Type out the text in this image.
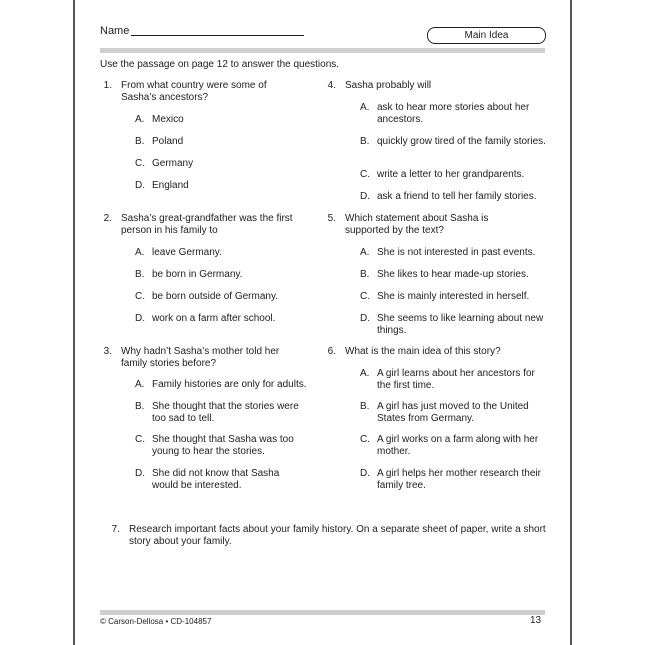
Name	Main Idea
Use the passage on page 12 to answer the questions.
1. From what country were some of Sasha’s ancestors?
A. Mexico
B. Poland
C. Germany
D. England
2. Sasha’s great-grandfather was the first person in his family to
A. leave Germany.
B. be born in Germany.
C. be born outside of Germany.
D. work on a farm after school.
3. Why hadn’t Sasha’s mother told her family stories before?
A. Family histories are only for adults.
B. She thought that the stories were too sad to tell.
C. She thought that Sasha was too young to hear the stories.
D. She did not know that Sasha would be interested.
4. Sasha probably will
A. ask to hear more stories about her ancestors.
B. quickly grow tired of the family stories.
C. write a letter to her grandparents.
D. ask a friend to tell her family stories.
5. Which statement about Sasha is supported by the text?
A. She is not interested in past events.
B. She likes to hear made-up stories.
C. She is mainly interested in herself.
D. She seems to like learning about new things.
6. What is the main idea of this story?
A. A girl learns about her ancestors for the first time.
B. A girl has just moved to the United States from Germany.
C. A girl works on a farm along with her mother.
D. A girl helps her mother research their family tree.
7. Research important facts about your family history. On a separate sheet of paper, write a short story about your family.
© Carson-Dellosa • CD-104857	13
